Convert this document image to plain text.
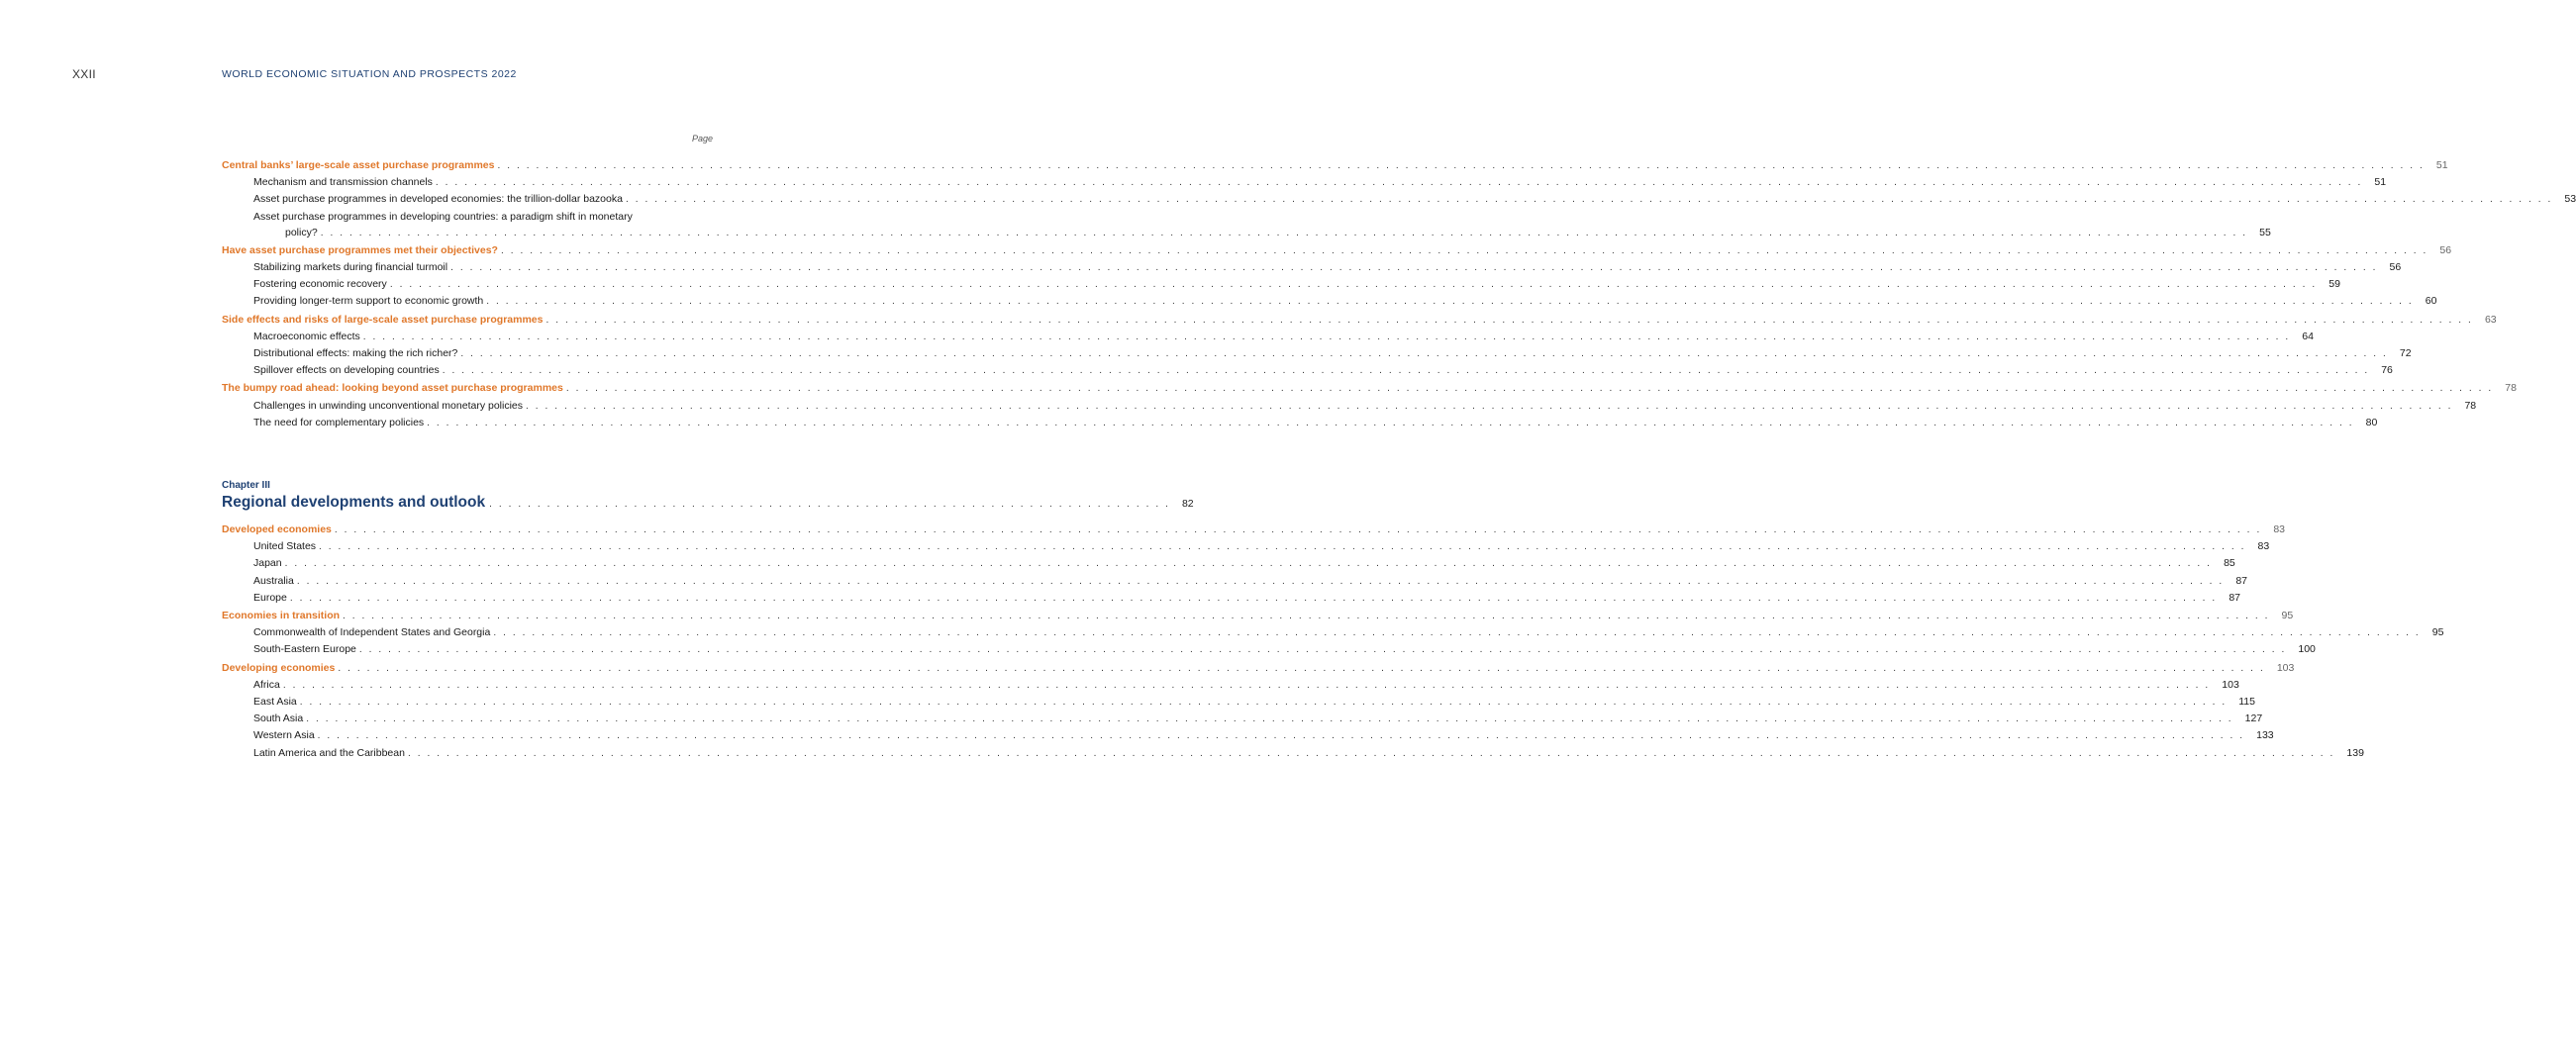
XXII	WORLD ECONOMIC SITUATION AND PROSPECTS 2022
Page
Central banks’ large-scale asset purchase programmes . . . . . . . . . . . . . . . . . . . . . . . . . . . . . . . . . . . . . . . . . . . . . . . . . . . . . . . . . . . . . . . . . . . . . . . . . . . . . . . . . . . . . . . . . . . . . . . . . . . . . . . . . . . . . . . . . . . . . . . . . . . . . . . . . . . . . . . . . . . . . . . . . . . . . . . . . . . . . . . . . . . . . . . . . . . . . . . . . . . . . . . . . . . . . . . . . . . . . . . .	51
Mechanism and transmission channels . . . . . . . . . . . . . . . . . . . . . . . . . . . . . . . . . . . . . . . . . . . . . . . . . . . . . . . . . . . . . . . . . . . . . . . . . . . . . . . . . . . . . . . . . . . . . . . . . . . . . . . . . . . . . . . . . . . . . . . . . . . . . . . . . . . . . . . . . . . . . . . . . . . . . . . . . . . . . . . . . . . . . . . . . . . . . . . . . . . . . . . . . . . . . . . . . . . . . . . .	51
Asset purchase programmes in developed economies: the trillion-dollar bazooka . . . . . . . . . . . . . . . . . . . . . . . . . . . . . . . . . . . . . . . . . . . . . . . . . . . . . . . . . . . . . . . . . . . . . . . . . . . . . . . . . . . . . . . . . . . . . . . . . . . . . . . . . . . . . . . . . . . . . . . . . . . . . . . . . . . . . . . . . . . . . . . . . . . . . . . . . . . . . . . . . . . . . . . . . . . . . . . . . . . . . . . . . . . . . . . . . . . . . . . .	53
Asset purchase programmes in developing countries: a paradigm shift in monetary
policy? . . . . . . . . . . . . . . . . . . . . . . . . . . . . . . . . . . . . . . . . . . . . . . . . . . . . . . . . . . . . . . . . . . . . . . . . . . . . . . . . . . . . . . . . . . . . . . . . . . . . . . . . . . . . . . . . . . . . . . . . . . . . . . . . . . . . . . . . . . . . . . . . . . . . . . . . . . . . . . . . . . . . . . . . . . . . . . . . . . . . . . . . . . . . . . . . . . . . . . . .	55
Have asset purchase programmes met their objectives? . . . . . . . . . . . . . . . . . . . . . . . . . . . . . . . . . . . . . . . . . . . . . . . . . . . . . . . . . . . . . . . . . . . . . . . . . . . . . . . . . . . . . . . . . . . . . . . . . . . . . . . . . . . . . . . . . . . . . . . . . . . . . . . . . . . . . . . . . . . . . . . . . . . . . . . . . . . . . . . . . . . . . . . . . . . . . . . . . . . . . . . . . . . . . . . . . . . . . . . .	56
Stabilizing markets during financial turmoil . . . . . . . . . . . . . . . . . . . . . . . . . . . . . . . . . . . . . . . . . . . . . . . . . . . . . . . . . . . . . . . . . . . . . . . . . . . . . . . . . . . . . . . . . . . . . . . . . . . . . . . . . . . . . . . . . . . . . . . . . . . . . . . . . . . . . . . . . . . . . . . . . . . . . . . . . . . . . . . . . . . . . . . . . . . . . . . . . . . . . . . . . . . . . . . . . . . . . . . .	56
Fostering economic recovery . . . . . . . . . . . . . . . . . . . . . . . . . . . . . . . . . . . . . . . . . . . . . . . . . . . . . . . . . . . . . . . . . . . . . . . . . . . . . . . . . . . . . . . . . . . . . . . . . . . . . . . . . . . . . . . . . . . . . . . . . . . . . . . . . . . . . . . . . . . . . . . . . . . . . . . . . . . . . . . . . . . . . . . . . . . . . . . . . . . . . . . . . . . . . . . . . . . . . . . .	59
Providing longer-term support to economic growth . . . . . . . . . . . . . . . . . . . . . . . . . . . . . . . . . . . . . . . . . . . . . . . . . . . . . . . . . . . . . . . . . . . . . . . . . . . . . . . . . . . . . . . . . . . . . . . . . . . . . . . . . . . . . . . . . . . . . . . . . . . . . . . . . . . . . . . . . . . . . . . . . . . . . . . . . . . . . . . . . . . . . . . . . . . . . . . . . . . . . . . . . . . . . . . . . . . . . . . .	60
Side effects and risks of large-scale asset purchase programmes . . . . . . . . . . . . . . . . . . . . . . . . . . . . . . . . . . . . . . . . . . . . . . . . . . . . . . . . . . . . . . . . . . . . . . . . . . . . . . . . . . . . . . . . . . . . . . . . . . . . . . . . . . . . . . . . . . . . . . . . . . . . . . . . . . . . . . . . . . . . . . . . . . . . . . . . . . . . . . . . . . . . . . . . . . . . . . . . . . . . . . . . . . . . . . . . . . . . . . . .	63
Macroeconomic effects . . . . . . . . . . . . . . . . . . . . . . . . . . . . . . . . . . . . . . . . . . . . . . . . . . . . . . . . . . . . . . . . . . . . . . . . . . . . . . . . . . . . . . . . . . . . . . . . . . . . . . . . . . . . . . . . . . . . . . . . . . . . . . . . . . . . . . . . . . . . . . . . . . . . . . . . . . . . . . . . . . . . . . . . . . . . . . . . . . . . . . . . . . . . . . . . . . . . . . . .	64
Distributional effects: making the rich richer? . . . . . . . . . . . . . . . . . . . . . . . . . . . . . . . . . . . . . . . . . . . . . . . . . . . . . . . . . . . . . . . . . . . . . . . . . . . . . . . . . . . . . . . . . . . . . . . . . . . . . . . . . . . . . . . . . . . . . . . . . . . . . . . . . . . . . . . . . . . . . . . . . . . . . . . . . . . . . . . . . . . . . . . . . . . . . . . . . . . . . . . . . . . . . . . . . . . . . . . .	72
Spillover effects on developing countries . . . . . . . . . . . . . . . . . . . . . . . . . . . . . . . . . . . . . . . . . . . . . . . . . . . . . . . . . . . . . . . . . . . . . . . . . . . . . . . . . . . . . . . . . . . . . . . . . . . . . . . . . . . . . . . . . . . . . . . . . . . . . . . . . . . . . . . . . . . . . . . . . . . . . . . . . . . . . . . . . . . . . . . . . . . . . . . . . . . . . . . . . . . . . . . . . . . . . . . .	76
The bumpy road ahead: looking beyond asset purchase programmes . . . . . . . . . . . . . . . . . . . . . . . . . . . . . . . . . . . . . . . . . . . . . . . . . . . . . . . . . . . . . . . . . . . . . . . . . . . . . . . . . . . . . . . . . . . . . . . . . . . . . . . . . . . . . . . . . . . . . . . . . . . . . . . . . . . . . . . . . . . . . . . . . . . . . . . . . . . . . . . . . . . . . . . . . . . . . . . . . . . . . . . . . . . . . . . . . . . . . . . .	78
Challenges in unwinding unconventional monetary policies . . . . . . . . . . . . . . . . . . . . . . . . . . . . . . . . . . . . . . . . . . . . . . . . . . . . . . . . . . . . . . . . . . . . . . . . . . . . . . . . . . . . . . . . . . . . . . . . . . . . . . . . . . . . . . . . . . . . . . . . . . . . . . . . . . . . . . . . . . . . . . . . . . . . . . . . . . . . . . . . . . . . . . . . . . . . . . . . . . . . . . . . . . . . . . . . . . . . . . . .	78
The need for complementary policies . . . . . . . . . . . . . . . . . . . . . . . . . . . . . . . . . . . . . . . . . . . . . . . . . . . . . . . . . . . . . . . . . . . . . . . . . . . . . . . . . . . . . . . . . . . . . . . . . . . . . . . . . . . . . . . . . . . . . . . . . . . . . . . . . . . . . . . . . . . . . . . . . . . . . . . . . . . . . . . . . . . . . . . . . . . . . . . . . . . . . . . . . . . . . . . . . . . . . . . .	80
Chapter III
Regional developments and outlook . . . . . . . . . . . . . . . . . . . . . . . . . . . . . . . . . . . . . . . . . . . . . . . . . . . . . . . . . . . . . . . . . . . . . . .	82
Developed economies . . . . . . . . . . . . . . . . . . . . . . . . . . . . . . . . . . . . . . . . . . . . . . . . . . . . . . . . . . . . . . . . . . . . . . . . . . . . . . . . . . . . . . . . . . . . . . . . . . . . . . . . . . . . . . . . . . . . . . . . . . . . . . . . . . . . . . . . . . . . . . . . . . . . . . . . . . . . . . . . . . . . . . . . . . . . . . . . . . . . . . . . . . . . . . . . . . . . . . . .	83
United States . . . . . . . . . . . . . . . . . . . . . . . . . . . . . . . . . . . . . . . . . . . . . . . . . . . . . . . . . . . . . . . . . . . . . . . . . . . . . . . . . . . . . . . . . . . . . . . . . . . . . . . . . . . . . . . . . . . . . . . . . . . . . . . . . . . . . . . . . . . . . . . . . . . . . . . . . . . . . . . . . . . . . . . . . . . . . . . . . . . . . . . . . . . . . . . . . . . . . . . .	83
Japan . . . . . . . . . . . . . . . . . . . . . . . . . . . . . . . . . . . . . . . . . . . . . . . . . . . . . . . . . . . . . . . . . . . . . . . . . . . . . . . . . . . . . . . . . . . . . . . . . . . . . . . . . . . . . . . . . . . . . . . . . . . . . . . . . . . . . . . . . . . . . . . . . . . . . . . . . . . . . . . . . . . . . . . . . . . . . . . . . . . . . . . . . . . . . . . . . . . . . . . .	85
Australia . . . . . . . . . . . . . . . . . . . . . . . . . . . . . . . . . . . . . . . . . . . . . . . . . . . . . . . . . . . . . . . . . . . . . . . . . . . . . . . . . . . . . . . . . . . . . . . . . . . . . . . . . . . . . . . . . . . . . . . . . . . . . . . . . . . . . . . . . . . . . . . . . . . . . . . . . . . . . . . . . . . . . . . . . . . . . . . . . . . . . . . . . . . . . . . . . . . . . . . .	87
Europe . . . . . . . . . . . . . . . . . . . . . . . . . . . . . . . . . . . . . . . . . . . . . . . . . . . . . . . . . . . . . . . . . . . . . . . . . . . . . . . . . . . . . . . . . . . . . . . . . . . . . . . . . . . . . . . . . . . . . . . . . . . . . . . . . . . . . . . . . . . . . . . . . . . . . . . . . . . . . . . . . . . . . . . . . . . . . . . . . . . . . . . . . . . . . . . . . . . . . . . .	87
Economies in transition . . . . . . . . . . . . . . . . . . . . . . . . . . . . . . . . . . . . . . . . . . . . . . . . . . . . . . . . . . . . . . . . . . . . . . . . . . . . . . . . . . . . . . . . . . . . . . . . . . . . . . . . . . . . . . . . . . . . . . . . . . . . . . . . . . . . . . . . . . . . . . . . . . . . . . . . . . . . . . . . . . . . . . . . . . . . . . . . . . . . . . . . . . . . . . . . . . . . . . . .	95
Commonwealth of Independent States and Georgia . . . . . . . . . . . . . . . . . . . . . . . . . . . . . . . . . . . . . . . . . . . . . . . . . . . . . . . . . . . . . . . . . . . . . . . . . . . . . . . . . . . . . . . . . . . . . . . . . . . . . . . . . . . . . . . . . . . . . . . . . . . . . . . . . . . . . . . . . . . . . . . . . . . . . . . . . . . . . . . . . . . . . . . . . . . . . . . . . . . . . . . . . . . . . . . . . . . . . . . .	95
South-Eastern Europe . . . . . . . . . . . . . . . . . . . . . . . . . . . . . . . . . . . . . . . . . . . . . . . . . . . . . . . . . . . . . . . . . . . . . . . . . . . . . . . . . . . . . . . . . . . . . . . . . . . . . . . . . . . . . . . . . . . . . . . . . . . . . . . . . . . . . . . . . . . . . . . . . . . . . . . . . . . . . . . . . . . . . . . . . . . . . . . . . . . . . . . . . . . . . . . . . . . . . . . .	100
Developing economies . . . . . . . . . . . . . . . . . . . . . . . . . . . . . . . . . . . . . . . . . . . . . . . . . . . . . . . . . . . . . . . . . . . . . . . . . . . . . . . . . . . . . . . . . . . . . . . . . . . . . . . . . . . . . . . . . . . . . . . . . . . . . . . . . . . . . . . . . . . . . . . . . . . . . . . . . . . . . . . . . . . . . . . . . . . . . . . . . . . . . . . . . . . . . . . . . . . . . . . .	103
Africa . . . . . . . . . . . . . . . . . . . . . . . . . . . . . . . . . . . . . . . . . . . . . . . . . . . . . . . . . . . . . . . . . . . . . . . . . . . . . . . . . . . . . . . . . . . . . . . . . . . . . . . . . . . . . . . . . . . . . . . . . . . . . . . . . . . . . . . . . . . . . . . . . . . . . . . . . . . . . . . . . . . . . . . . . . . . . . . . . . . . . . . . . . . . . . . . . . . . . . . .	103
East Asia . . . . . . . . . . . . . . . . . . . . . . . . . . . . . . . . . . . . . . . . . . . . . . . . . . . . . . . . . . . . . . . . . . . . . . . . . . . . . . . . . . . . . . . . . . . . . . . . . . . . . . . . . . . . . . . . . . . . . . . . . . . . . . . . . . . . . . . . . . . . . . . . . . . . . . . . . . . . . . . . . . . . . . . . . . . . . . . . . . . . . . . . . . . . . . . . . . . . . . . .	115
South Asia . . . . . . . . . . . . . . . . . . . . . . . . . . . . . . . . . . . . . . . . . . . . . . . . . . . . . . . . . . . . . . . . . . . . . . . . . . . . . . . . . . . . . . . . . . . . . . . . . . . . . . . . . . . . . . . . . . . . . . . . . . . . . . . . . . . . . . . . . . . . . . . . . . . . . . . . . . . . . . . . . . . . . . . . . . . . . . . . . . . . . . . . . . . . . . . . . . . . . . . .	127
Western Asia . . . . . . . . . . . . . . . . . . . . . . . . . . . . . . . . . . . . . . . . . . . . . . . . . . . . . . . . . . . . . . . . . . . . . . . . . . . . . . . . . . . . . . . . . . . . . . . . . . . . . . . . . . . . . . . . . . . . . . . . . . . . . . . . . . . . . . . . . . . . . . . . . . . . . . . . . . . . . . . . . . . . . . . . . . . . . . . . . . . . . . . . . . . . . . . . . . . . . . . .	133
Latin America and the Caribbean . . . . . . . . . . . . . . . . . . . . . . . . . . . . . . . . . . . . . . . . . . . . . . . . . . . . . . . . . . . . . . . . . . . . . . . . . . . . . . . . . . . . . . . . . . . . . . . . . . . . . . . . . . . . . . . . . . . . . . . . . . . . . . . . . . . . . . . . . . . . . . . . . . . . . . . . . . . . . . . . . . . . . . . . . . . . . . . . . . . . . . . . . . . . . . . . . . . . . . . .	139
